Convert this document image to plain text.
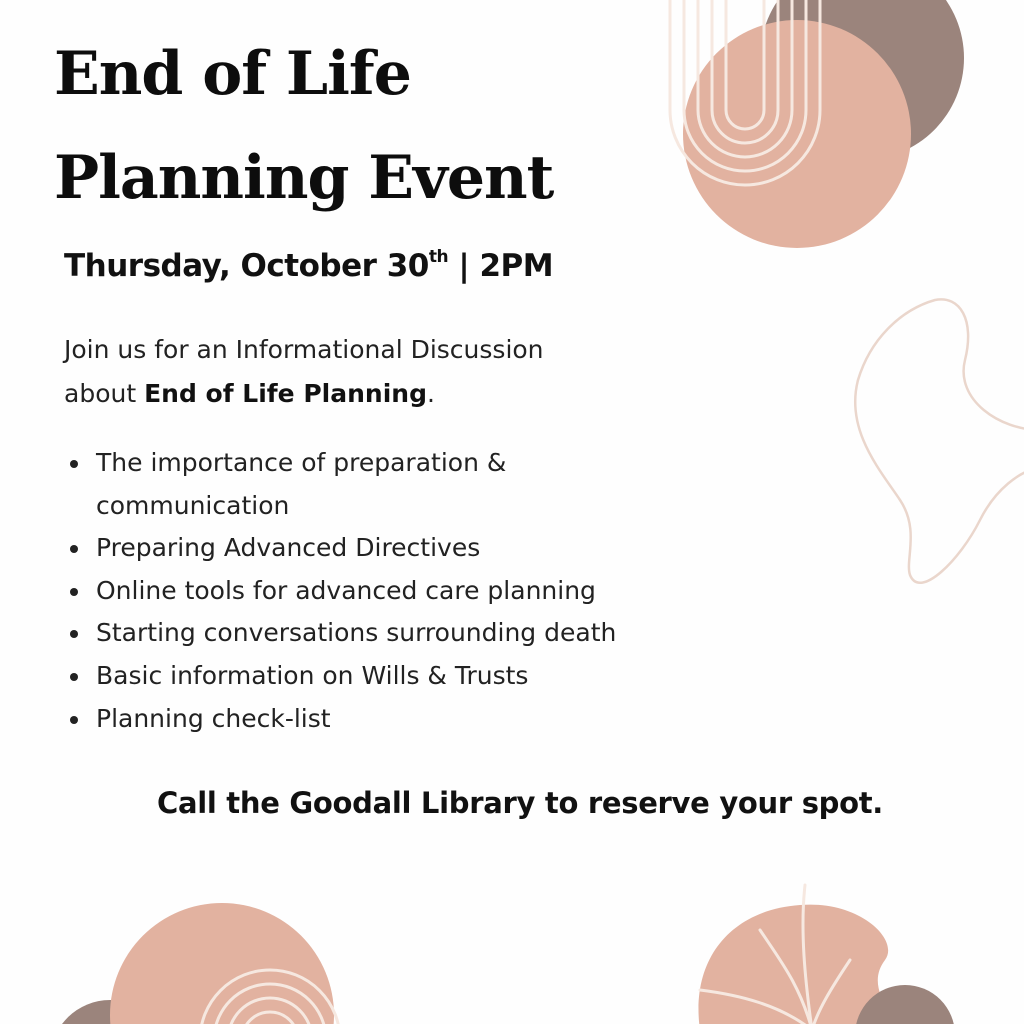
End of Life
Planning Event
Thursday, October 30th | 2PM

Join us for an Informational Discussion
about End of Life Planning.

The importance of preparation & communication
Preparing Advanced Directives
Online tools for advanced care planning
Starting conversations surrounding death
Basic information on Wills & Trusts
Planning check-list
Call the Goodall Library to reserve your spot.
